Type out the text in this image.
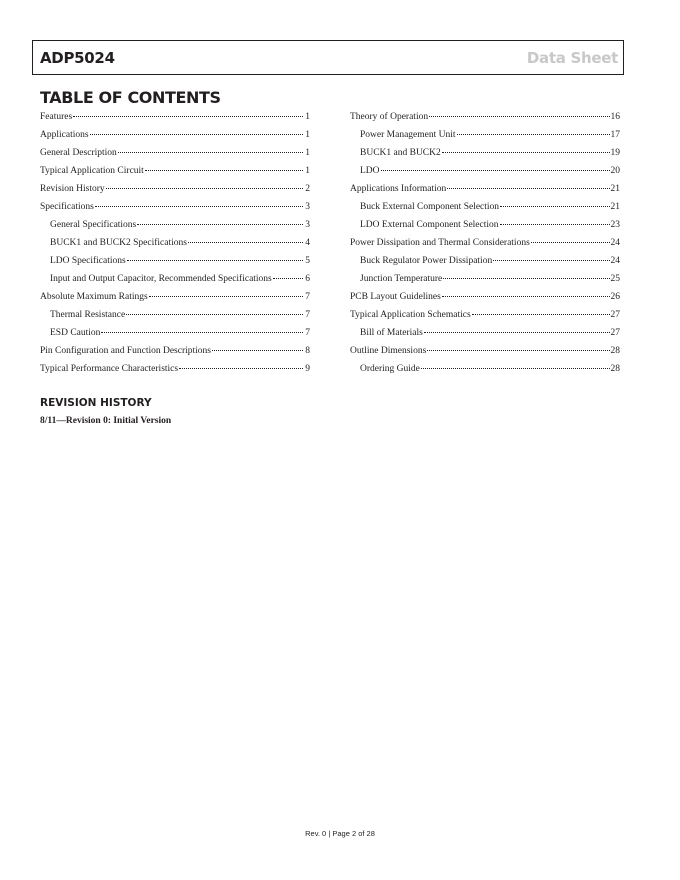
ADP5024	Data Sheet
TABLE OF CONTENTS
Features	1
Applications	1
General Description	1
Typical Application Circuit	1
Revision History	2
Specifications	3
General Specifications	3
BUCK1 and BUCK2 Specifications	4
LDO Specifications	5
Input and Output Capacitor, Recommended Specifications	6
Absolute Maximum Ratings	7
Thermal Resistance	7
ESD Caution	7
Pin Configuration and Function Descriptions	8
Typical Performance Characteristics	9
Theory of Operation	16
Power Management Unit	17
BUCK1 and BUCK2	19
LDO	20
Applications Information	21
Buck External Component Selection	21
LDO External Component Selection	23
Power Dissipation and Thermal Considerations	24
Buck Regulator Power Dissipation	24
Junction Temperature	25
PCB Layout Guidelines	26
Typical Application Schematics	27
Bill of Materials	27
Outline Dimensions	28
Ordering Guide	28
REVISION HISTORY
8/11—Revision 0: Initial Version
Rev. 0 | Page 2 of 28
